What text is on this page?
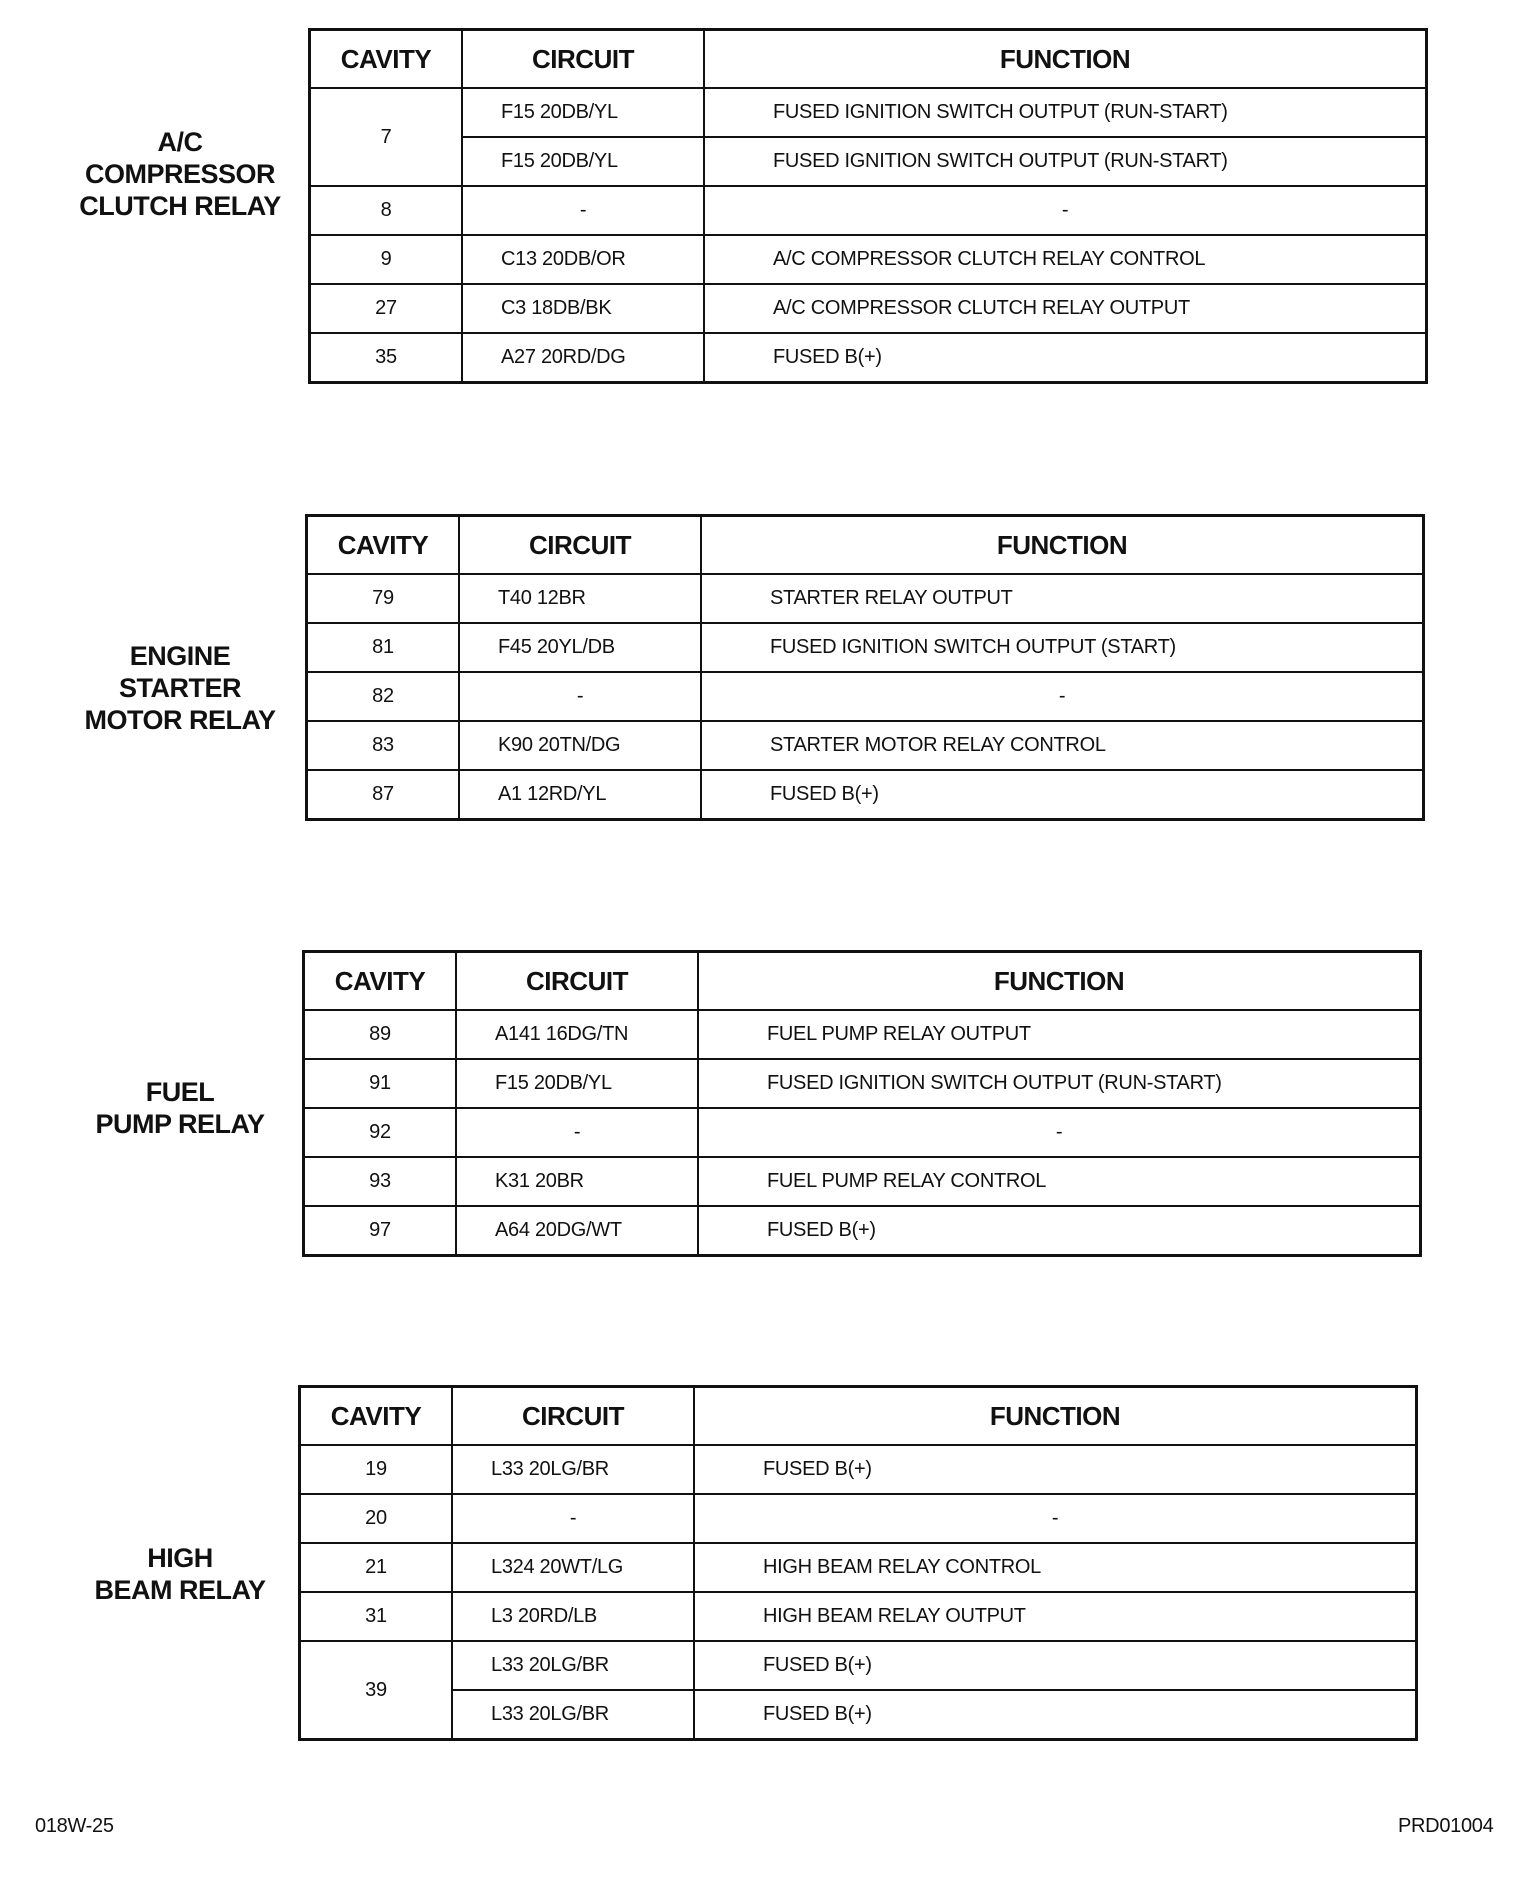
A/C
COMPRESSOR
CLUTCH RELAY
CAVITY	CIRCUIT	FUNCTION
7	F15 20DB/YL	FUSED IGNITION SWITCH OUTPUT (RUN-START)
	F15 20DB/YL	FUSED IGNITION SWITCH OUTPUT (RUN-START)
8	-	-
9	C13 20DB/OR	A/C COMPRESSOR CLUTCH RELAY CONTROL
27	C3 18DB/BK	A/C COMPRESSOR CLUTCH RELAY OUTPUT
35	A27 20RD/DG	FUSED B(+)
ENGINE
STARTER
MOTOR RELAY
CAVITY	CIRCUIT	FUNCTION
79	T40 12BR	STARTER RELAY OUTPUT
81	F45 20YL/DB	FUSED IGNITION SWITCH OUTPUT (START)
82	-	-
83	K90 20TN/DG	STARTER MOTOR RELAY CONTROL
87	A1 12RD/YL	FUSED B(+)
FUEL
PUMP RELAY
CAVITY	CIRCUIT	FUNCTION
89	A141 16DG/TN	FUEL PUMP RELAY OUTPUT
91	F15 20DB/YL	FUSED IGNITION SWITCH OUTPUT (RUN-START)
92	-	-
93	K31 20BR	FUEL PUMP RELAY CONTROL
97	A64 20DG/WT	FUSED B(+)
HIGH
BEAM RELAY
CAVITY	CIRCUIT	FUNCTION
19	L33 20LG/BR	FUSED B(+)
20	-	-
21	L324 20WT/LG	HIGH BEAM RELAY CONTROL
31	L3 20RD/LB	HIGH BEAM RELAY OUTPUT
39	L33 20LG/BR	FUSED B(+)
	L33 20LG/BR	FUSED B(+)
018W-25	PRD01004
